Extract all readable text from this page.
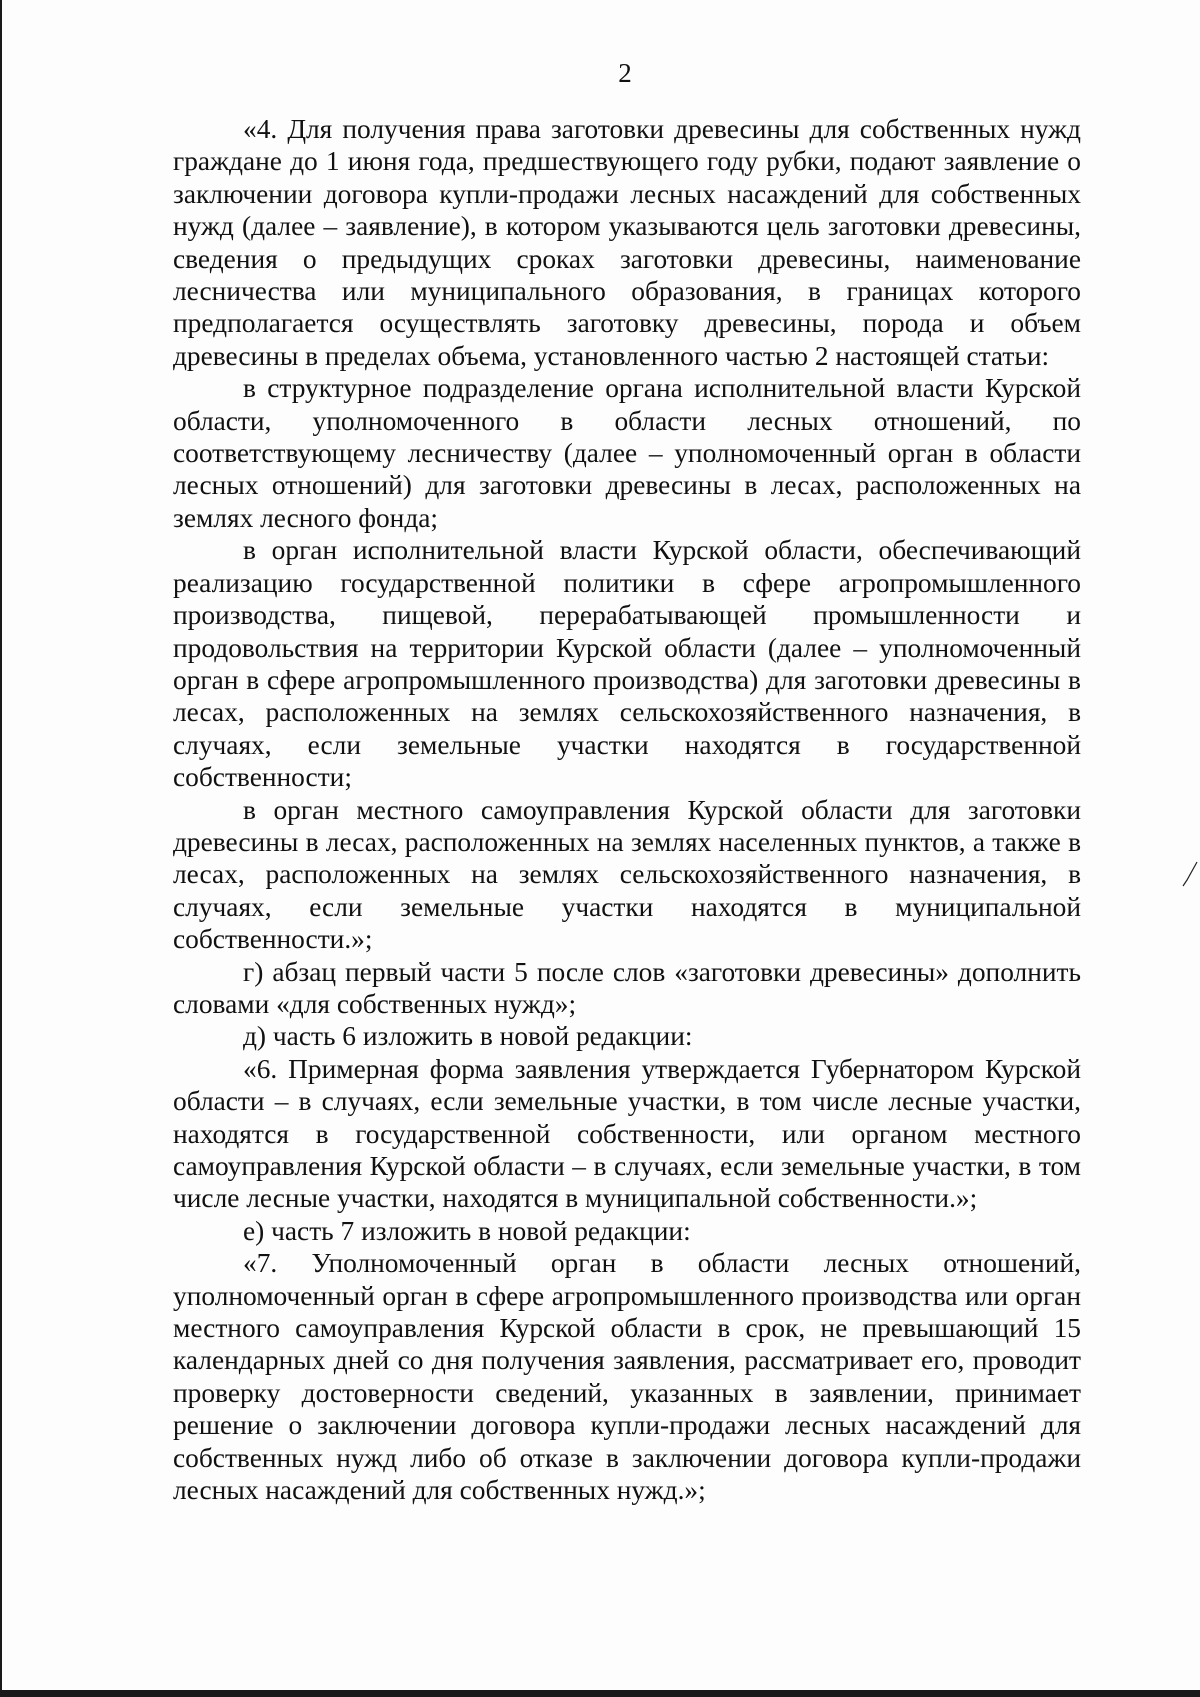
2

«4. Для получения права заготовки древесины для собственных нужд граждане до 1 июня года, предшествующего году рубки, подают заявление о заключении договора купли-продажи лесных насаждений для собственных нужд (далее – заявление), в котором указываются цель заготовки древесины, сведения о предыдущих сроках заготовки древесины, наименование лесничества или муниципального образования, в границах которого предполагается осуществлять заготовку древесины, порода и объем древесины в пределах объема, установленного частью 2 настоящей статьи:

в структурное подразделение органа исполнительной власти Курской области, уполномоченного в области лесных отношений, по соответствующему лесничеству (далее – уполномоченный орган в области лесных отношений) для заготовки древесины в лесах, расположенных на землях лесного фонда;

в орган исполнительной власти Курской области, обеспечивающий реализацию государственной политики в сфере агропромышленного производства, пищевой, перерабатывающей промышленности и продовольствия на территории Курской области (далее – уполномоченный орган в сфере агропромышленного производства) для заготовки древесины в лесах, расположенных на землях сельскохозяйственного назначения, в случаях, если земельные участки находятся в государственной собственности;

в орган местного самоуправления Курской области для заготовки древесины в лесах, расположенных на землях населенных пунктов, а также в лесах, расположенных на землях сельскохозяйственного назначения, в случаях, если земельные участки находятся в муниципальной собственности.»;

г) абзац первый части 5 после слов «заготовки древесины» дополнить словами «для собственных нужд»;

д) часть 6 изложить в новой редакции:

«6. Примерная форма заявления утверждается Губернатором Курской области – в случаях, если земельные участки, в том числе лесные участки, находятся в государственной собственности, или органом местного самоуправления Курской области – в случаях, если земельные участки, в том числе лесные участки, находятся в муниципальной собственности.»;

е) часть 7 изложить в новой редакции:

«7. Уполномоченный орган в области лесных отношений, уполномоченный орган в сфере агропромышленного производства или орган местного самоуправления Курской области в срок, не превышающий 15 календарных дней со дня получения заявления, рассматривает его, проводит проверку достоверности сведений, указанных в заявлении, принимает решение о заключении договора купли-продажи лесных насаждений для собственных нужд либо об отказе в заключении договора купли-продажи лесных насаждений для собственных нужд.»;
